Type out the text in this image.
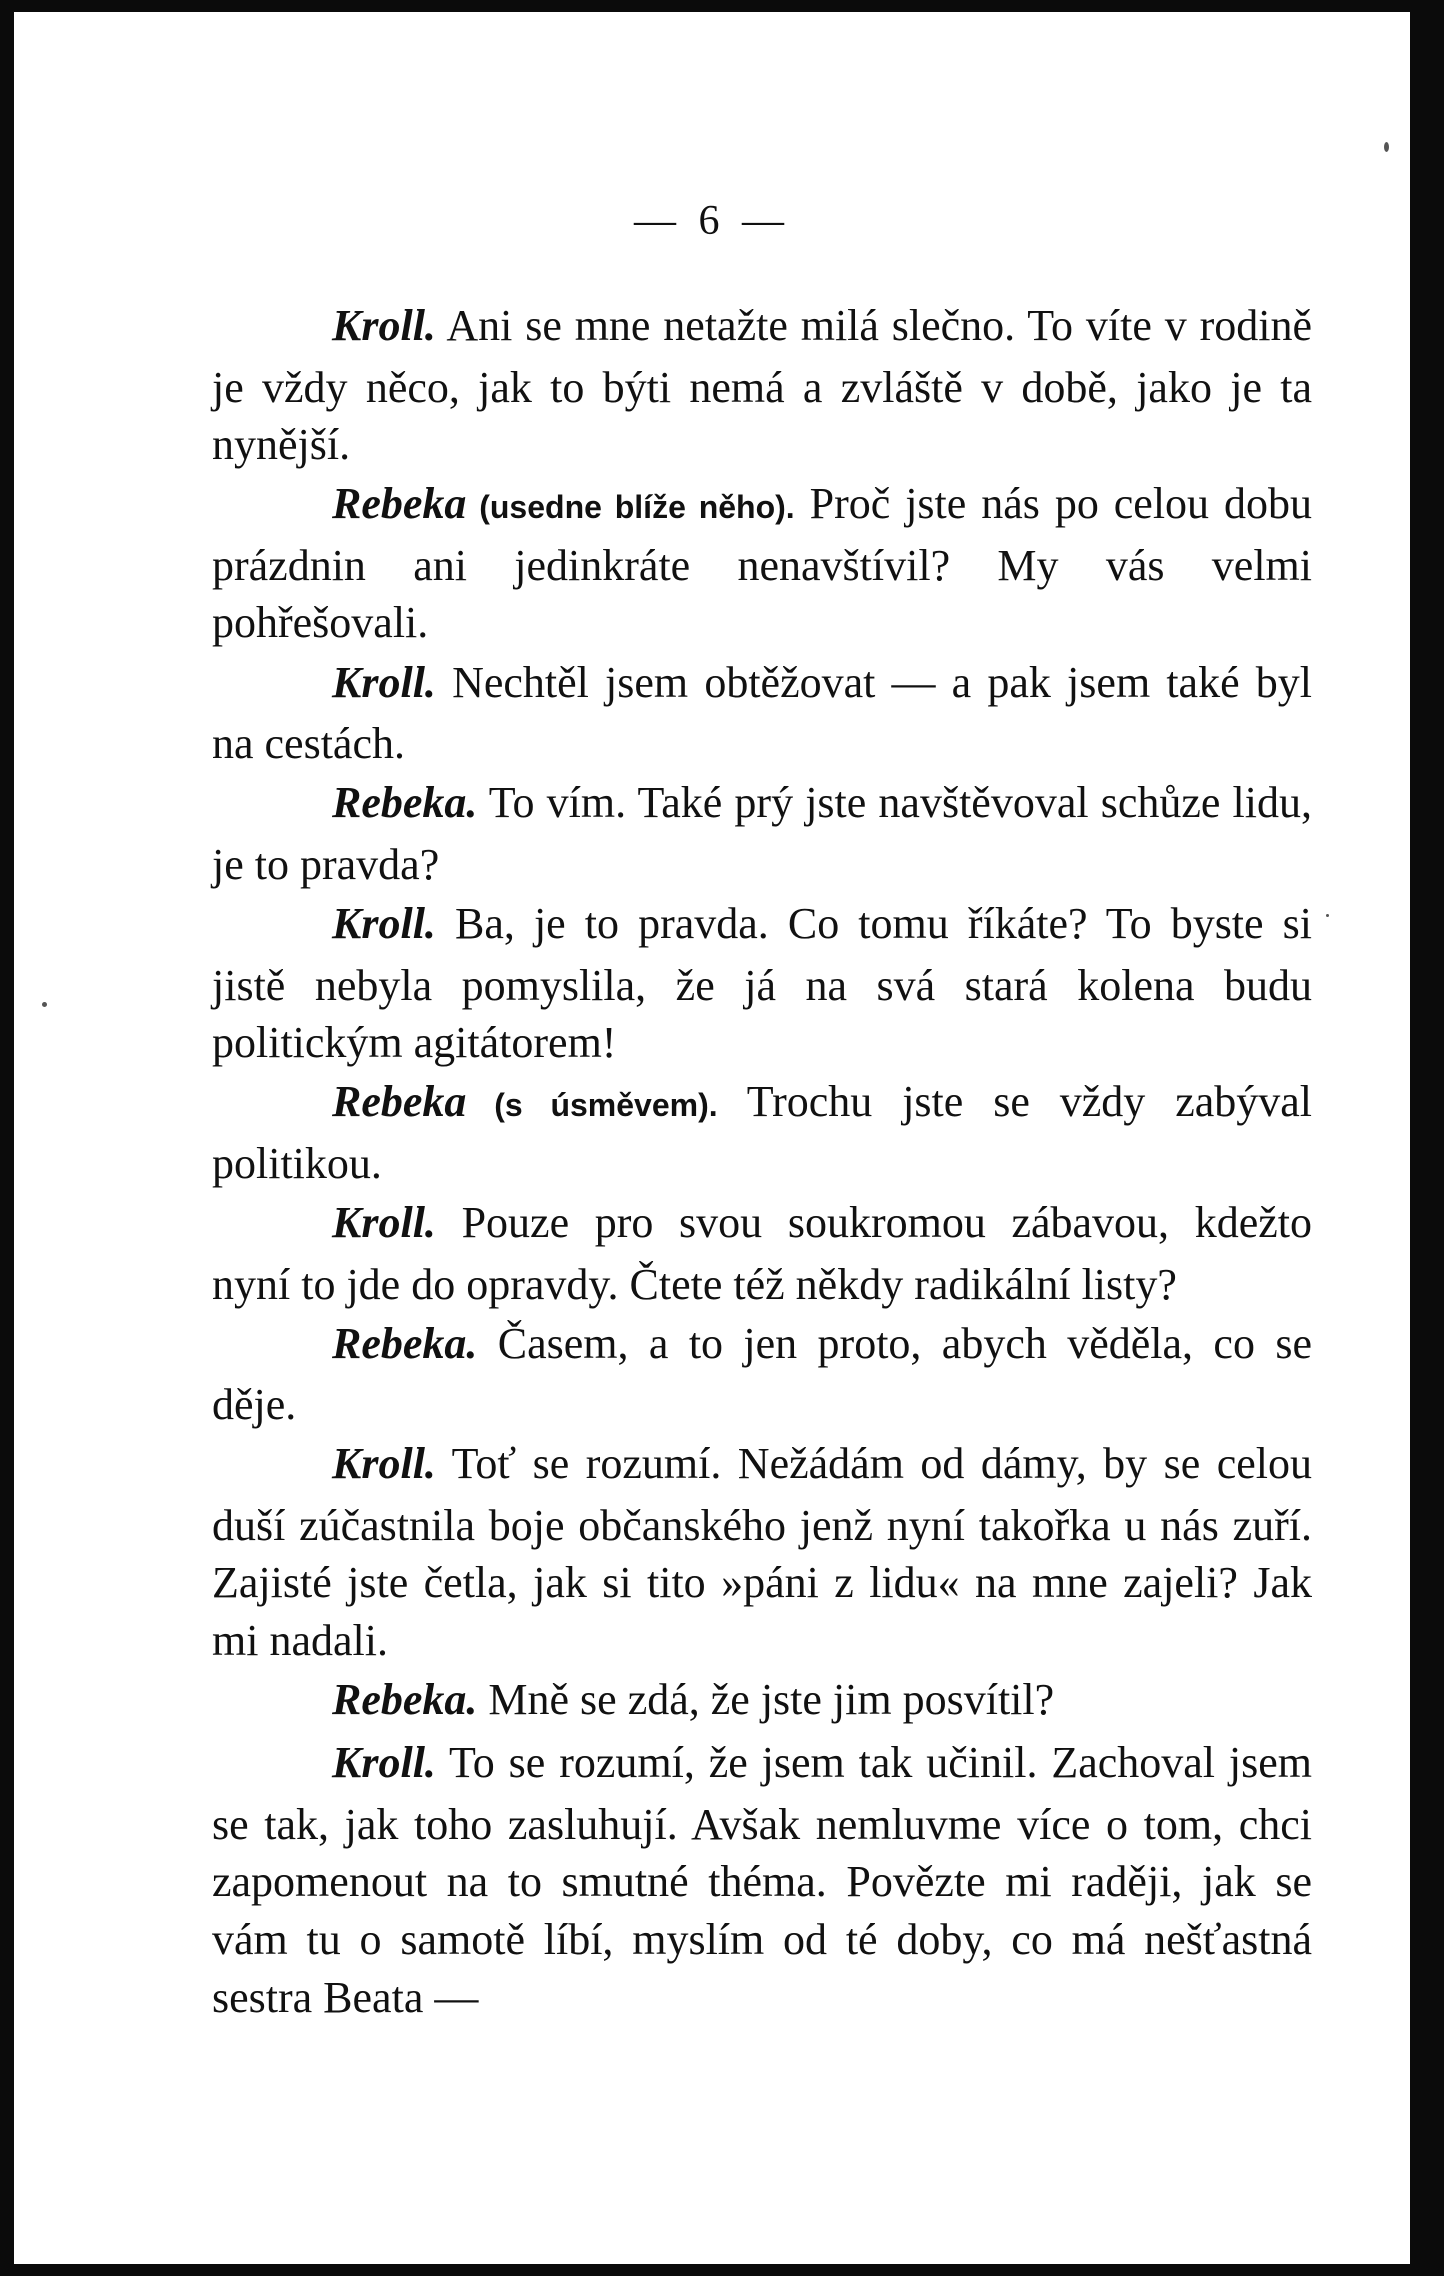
— 6 —

Kroll. Ani se mne netažte milá slečno. To víte v rodině je vždy něco, jak to býti nemá a zvláště v době, jako je ta nynější.

Rebeka (usedne blíže něho). Proč jste nás po celou dobu prázdnin ani jedinkráte nenavštívil? My vás velmi pohřešovali.

Kroll. Nechtěl jsem obtěžovat — a pak jsem také byl na cestách.

Rebeka. To vím. Také prý jste navštěvoval schůze lidu, je to pravda?

Kroll. Ba, je to pravda. Co tomu říkáte? To byste si jistě nebyla pomyslila, že já na svá stará kolena budu politickým agitátorem!

Rebeka (s úsměvem). Trochu jste se vždy zabýval politikou.

Kroll. Pouze pro svou soukromou zábavou, kdežto nyní to jde do opravdy. Čtete též někdy radikální listy?

Rebeka. Časem, a to jen proto, abych věděla, co se děje.

Kroll. Toť se rozumí. Nežádám od dámy, by se celou duší zúčastnila boje občanského jenž nyní takořka u nás zuří. Zajisté jste četla, jak si tito »páni z lidu« na mne zajeli? Jak mi nadali.

Rebeka. Mně se zdá, že jste jim posvítil?

Kroll. To se rozumí, že jsem tak učinil. Zachoval jsem se tak, jak toho zasluhují. Avšak nemluvme více o tom, chci zapomenout na to smutné théma. Povězte mi raději, jak se vám tu o samotě líbí, myslím od té doby, co má nešťastná sestra Beata —
